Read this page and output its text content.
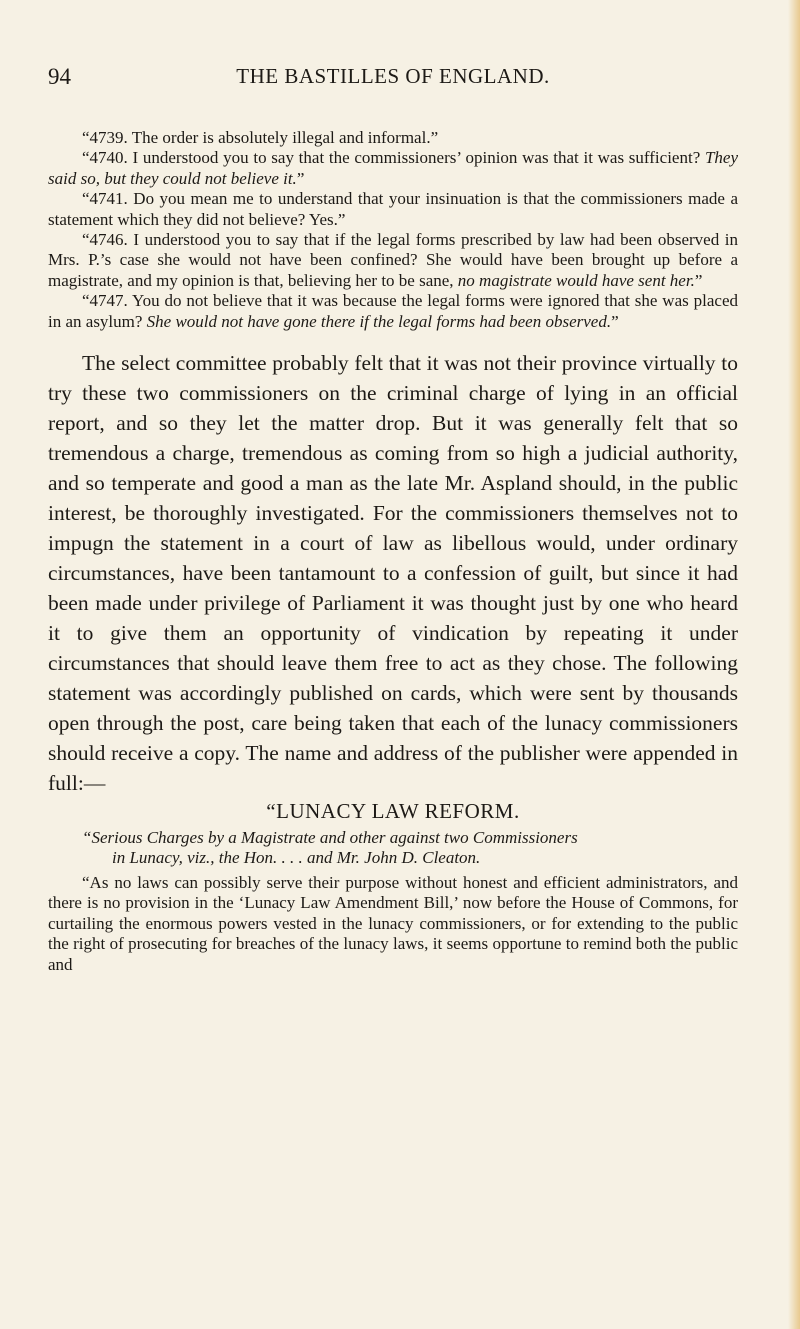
94	THE BASTILLES OF ENGLAND.

“4739. The order is absolutely illegal and informal.”

“4740. I understood you to say that the commissioners’ opinion was that it was sufficient? They said so, but they could not believe it.”

“4741. Do you mean me to understand that your insinuation is that the commissioners made a statement which they did not believe? Yes.”

“4746. I understood you to say that if the legal forms prescribed by law had been observed in Mrs. P.’s case she would not have been confined? She would have been brought up before a magistrate, and my opinion is that, believing her to be sane, no magistrate would have sent her.”

“4747. You do not believe that it was because the legal forms were ignored that she was placed in an asylum? She would not have gone there if the legal forms had been observed.”

The select committee probably felt that it was not their province virtually to try these two commissioners on the criminal charge of lying in an official report, and so they let the matter drop. But it was generally felt that so tremendous a charge, tremendous as coming from so high a judicial authority, and so temperate and good a man as the late Mr. Aspland should, in the public interest, be thoroughly investigated. For the commissioners themselves not to impugn the statement in a court of law as libellous would, under ordinary circumstances, have been tantamount to a confession of guilt, but since it had been made under privilege of Parliament it was thought just by one who heard it to give them an opportunity of vindication by repeating it under circumstances that should leave them free to act as they chose. The following statement was accordingly published on cards, which were sent by thousands open through the post, care being taken that each of the lunacy commissioners should receive a copy. The name and address of the publisher were appended in full:—

“LUNACY LAW REFORM.

“Serious Charges by a Magistrate and other against two Commissioners
in Lunacy, viz., the Hon. . . . and Mr. John D. Cleaton.

“As no laws can possibly serve their purpose without honest and efficient administrators, and there is no provision in the ‘Lunacy Law Amendment Bill,’ now before the House of Commons, for curtailing the enormous powers vested in the lunacy commissioners, or for extending to the public the right of prosecuting for breaches of the lunacy laws, it seems opportune to remind both the public and
